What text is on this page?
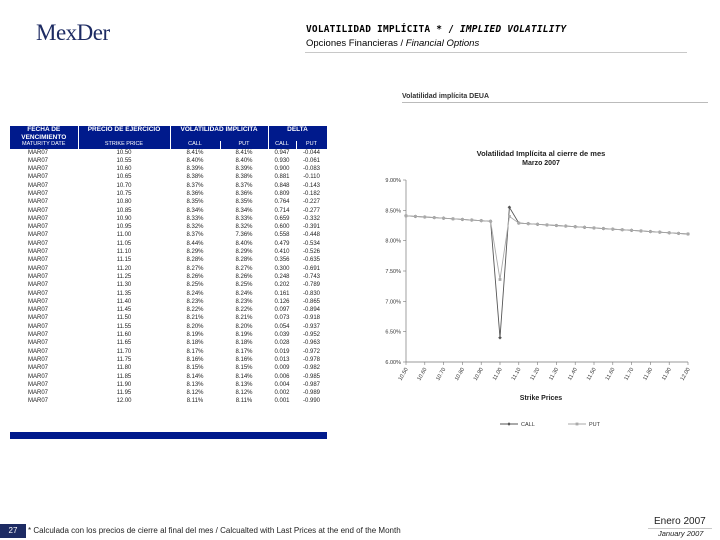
MexDer	VOLATILIDAD IMPLÍCITA * / IMPLIED VOLATILITY
Opciones Financieras / Financial Options
FECHA DE VENCIMIENTO	PRECIO DE EJERCICIO	VOLATILIDAD IMPLICITA		DELTA	
MATURITY DATE	STRIKE PRICE	CALL	PUT	CALL	PUT
MAR07	10.50	8.41%	8.41%	0.947	-0.044
MAR07	10.55	8.40%	8.40%	0.930	-0.061
MAR07	10.60	8.39%	8.39%	0.900	-0.083
MAR07	10.65	8.38%	8.38%	0.881	-0.110
MAR07	10.70	8.37%	8.37%	0.848	-0.143
MAR07	10.75	8.36%	8.36%	0.809	-0.182
MAR07	10.80	8.35%	8.35%	0.764	-0.227
MAR07	10.85	8.34%	8.34%	0.714	-0.277
MAR07	10.90	8.33%	8.33%	0.659	-0.332
MAR07	10.95	8.32%	8.32%	0.600	-0.391
MAR07	11.00	8.37%	7.36%	0.558	-0.448
MAR07	11.05	8.44%	8.40%	0.479	-0.534
MAR07	11.10	8.29%	8.29%	0.410	-0.526
MAR07	11.15	8.28%	8.28%	0.356	-0.635
MAR07	11.20	8.27%	8.27%	0.300	-0.691
MAR07	11.25	8.26%	8.26%	0.248	-0.743
MAR07	11.30	8.25%	8.25%	0.202	-0.789
MAR07	11.35	8.24%	8.24%	0.161	-0.830
MAR07	11.40	8.23%	8.23%	0.126	-0.865
MAR07	11.45	8.22%	8.22%	0.097	-0.894
MAR07	11.50	8.21%	8.21%	0.073	-0.918
MAR07	11.55	8.20%	8.20%	0.054	-0.937
MAR07	11.60	8.19%	8.19%	0.039	-0.952
MAR07	11.65	8.18%	8.18%	0.028	-0.963
MAR07	11.70	8.17%	8.17%	0.019	-0.972
MAR07	11.75	8.16%	8.16%	0.013	-0.978
MAR07	11.80	8.15%	8.15%	0.009	-0.982
MAR07	11.85	8.14%	8.14%	0.006	-0.985
MAR07	11.90	8.13%	8.13%	0.004	-0.987
MAR07	11.95	8.12%	8.12%	0.002	-0.989
MAR07	12.00	8.11%	8.11%	0.001	-0.990
Volatilidad implícita DEUA
Volatilidad Implícita al cierre de mes
Marzo 2007
6.00%
6.50%
7.00%
7.50%
8.00%
8.50%
9.00%
10.50 10.60 10.70 10.80 10.90 11.00 11.10 11.20 11.30 11.40 11.50 11.60 11.70 11.80 11.90 12.00
Strike Prices
CALL	PUT
27	* Calculada con los precios de cierre al final del mes / Calcualted with Last Prices at the end of the Month
Enero 2007
January 2007
